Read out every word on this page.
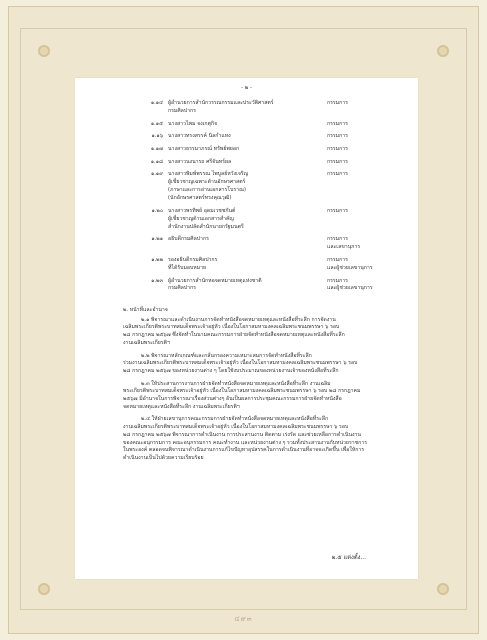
- ๒ -
๑.๑๔ ผู้อำนวยการสำนักวรรณกรรมและประวัติศาสตร์
กรมศิลปากร
กรรมการ
๑.๑๕ นางสาวไพม จงเกตุกิจ	กรรมการ
๑.๑๖ นางสาวทรงสรรค์ นิลกำแหง	กรรมการ
๑.๑๗ นางสาวธรรมาภรณ์ ทรัพย์พยอก	กรรมการ
๑.๑๘ นางสาวนงนารถ ศรีจันทร์ผล	กรรมการ
๑.๑๙ นางสาวพิมพ์พรรณ ไพบูลย์หวังเจริญ
ผู้เชี่ยวชาญเฉพาะด้านอักษรศาสตร์
(ภาษาและการอ่านเอกสารโบราณ)
(นักอักษรศาสตร์ทรงคุณวุฒิ)
กรรมการ
๑.๒๐ นางสาวพรทิพย์ อุดมเวชชกันต์
ผู้เชี่ยวชาญด้านเอกสารสำคัญ
สำนักงานปลัดสำนักนายกรัฐมนตรี
กรรมการ
๑.๒๑ อธิบดีกรมศิลปากร	กรรมการ
และเลขานุการ
๑.๒๒ รองอธิบดีกรมศิลปากร
ที่ได้รับมอบหมาย
กรรมการ
และผู้ช่วยเลขานุการ
๑.๒๓ ผู้อำนวยการสำนักหอจดหมายเหตุแห่งชาติ
กรมศิลปากร
กรรมการ
และผู้ช่วยเลขานุการ
๒. หน้าที่และอำนาจ
๒.๑ พิจารณาและดำเนินงานการจัดทำหนังสือจดหมายเหตุและหนังสือที่ระลึก การจัดงาน
เฉลิมพระเกียรติพระบาทสมเด็จพระเจ้าอยู่หัว เนื่องในโอกาสมหามงคลเฉลิมพระชนมพรรษา ๖ รอบ
๒๘ กรกฎาคม ๒๕๖๗ ซึ่งจัดทำในนามคณะกรรมการฝ่ายจัดทำหนังสือจดหมายเหตุและหนังสือที่ระลึก
งานเฉลิมพระเกียรติฯ
๒.๒ พิจารณาหลักเกณฑ์และกลั่นกรองความเหมาะสมการจัดทำหนังสือที่ระลึก
ร่วมงานเฉลิมพระเกียรติพระบาทสมเด็จพระเจ้าอยู่หัว เนื่องในโอกาสมหามงคลเฉลิมพระชนมพรรษา ๖ รอบ
๒๘ กรกฎาคม ๒๕๖๗ ของหน่วยงานต่าง ๆ โดยใช้งบประมาณของหน่วยงานเจ้าของหนังสือที่ระลึก
๒.๓ ให้ประสานการงานการฝ่ายจัดทำหนังสือจดหมายเหตุและหนังสือที่ระลึก งานเฉลิม
พระเกียรติพระบาทสมเด็จพระเจ้าอยู่หัว เนื่องในโอกาสมหามงคลเฉลิมพระชนมพรรษา ๖ รอบ ๒๘ กรกฎาคม
๒๕๖๗ มีอำนาจในการพิจารณาเรื่องส่วนต่างๆ อันเป็นผลการประชุมคณะกรรมการฝ่ายจัดทำหนังสือ
จดหมายเหตุและหนังสือที่ระลึก งานเฉลิมพระเกียรติฯ
๒.๔ ให้ฝ่ายเลขานุการคณะกรรมการฝ่ายจัดทำหนังสือจดหมายเหตุและหนังสือที่ระลึก
งานเฉลิมพระเกียรติพระบาทสมเด็จพระเจ้าอยู่หัว เนื่องในโอกาสมหามงคลเฉลิมพระชนมพรรษา ๖ รอบ
๒๘ กรกฎาคม ๒๕๖๗ พิจารณาการดำเนินงาน การประสานงาน ติดตาม เร่งรัด และช่วยเหลือการดำเนินงาน
ของคณะอนุกรรมการ คณะอนุกรรมการ คณะทำงาน และหน่วยงานต่าง ๆ รวมทั้งประสานงานกับหน่วยราชการ
ในพระองค์ ตลอดจนพิจารณาดำเนินงานการแก้ไขปัญหาอุปสรรคในการดำเนินงานที่อาจจะเกิดขึ้น เพื่อให้การ
ดำเนินงานเป็นไปด้วยความเรียบร้อย
๒.๕ แต่งตั้ง...
๔๙๓
